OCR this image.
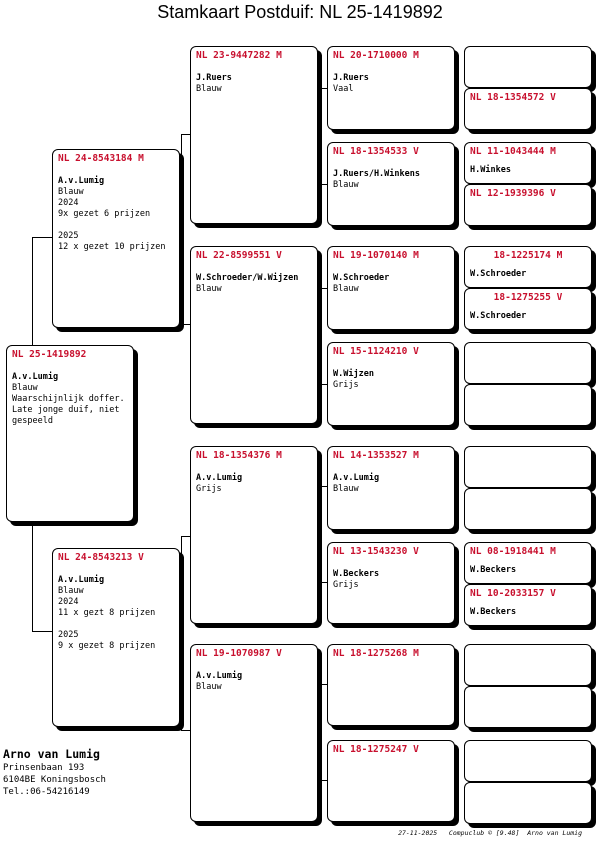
Stamkaart Postduif: NL 25-1419892
NL 25-1419892
A.v.Lumig
Blauw
Waarschijnlijk doffer.
Late jonge duif, niet gespeeld
NL 24-8543184 M
A.v.Lumig
Blauw
2024
9x gezet 6 prijzen
2025
12 x gezet 10 prijzen
NL 24-8543213 V
A.v.Lumig
Blauw
2024
11 x gezt 8 prijzen
2025
9 x gezet 8 prijzen
NL 23-9447282 M
J.Ruers
Blauw
NL 22-8599551 V
W.Schroeder/W.Wijzen
Blauw
NL 18-1354376 M
A.v.Lumig
Grijs
NL 19-1070987 V
A.v.Lumig
Blauw
NL 20-1710000 M
J.Ruers
Vaal
NL 18-1354533 V
J.Ruers/H.Winkens
Blauw
NL 19-1070140 M
W.Schroeder
Blauw
NL 15-1124210 V
W.Wijzen
Grijs
NL 14-1353527 M
A.v.Lumig
Blauw
NL 13-1543230 V
W.Beckers
Grijs
NL 18-1275268 M
NL 18-1275247 V
NL 18-1354572 V
NL 11-1043444 M
H.Winkes
NL 12-1939396 V
18-1225174 M
W.Schroeder
18-1275255 V
W.Schroeder
NL 08-1918441 M
W.Beckers
NL 10-2033157 V
W.Beckers
Arno van Lumig
Prinsenbaan 193
6104BE Koningsbosch
Tel.:06-54216149
27-11-2025   Compuclub © [9.48]  Arno van Lumig
